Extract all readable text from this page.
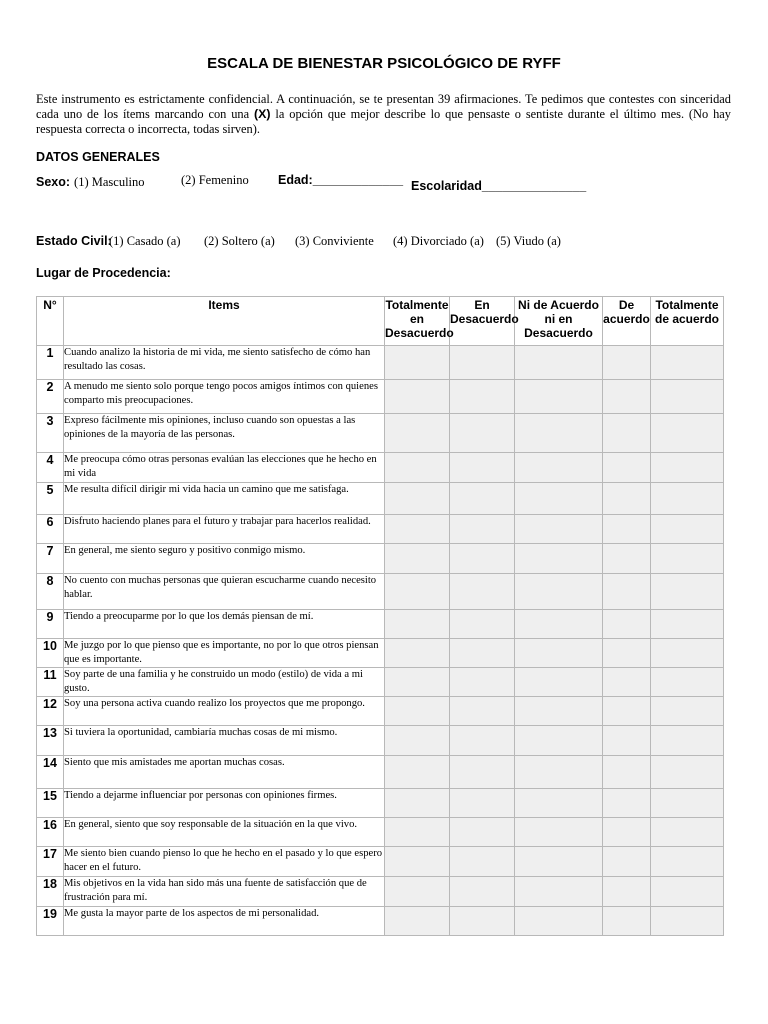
ESCALA DE BIENESTAR PSICOLÓGICO DE RYFF
Este instrumento es estrictamente confidencial. A continuación, se te presentan 39 afirmaciones. Te pedimos que contestes con sinceridad cada uno de los ítems marcando con una (X) la opción que mejor describe lo que pensaste o sentiste durante el último mes. (No hay respuesta correcta o incorrecta, todas sirven).
DATOS GENERALES
Sexo: (1) Masculino	(2) Femenino Edad:_____________ Escolaridad_______________
Estado Civil:
(1) Casado (a) (2) Soltero (a) (3) Conviviente (4) Divorciado (a) (5) Viudo (a)
Lugar de Procedencia:
N°	Items	Totalmente en Desacuerdo	En Desacuerdo	Ni de Acuerdo ni en Desacuerdo	De acuerdo	Totalmente de acuerdo
1	Cuando analizo la historia de mi vida, me siento satisfecho de cómo han resultado las cosas.					
2	A menudo me siento solo porque tengo pocos amigos íntimos con quienes comparto mis preocupaciones.					
3	Expreso fácilmente mis opiniones, incluso cuando son opuestas a las opiniones de la mayoría de las personas.					
4	Me preocupa cómo otras personas evalúan las elecciones que he hecho en mi vida					
5	Me resulta difícil dirigir mi vida hacia un camino que me satisfaga.					
6	Disfruto haciendo planes para el futuro y trabajar para hacerlos realidad.					
7	En general, me siento seguro y positivo conmigo mismo.					
8	No cuento con muchas personas que quieran escucharme cuando necesito hablar.					
9	Tiendo a preocuparme por lo que los demás piensan de mí.					
10	Me juzgo por lo que pienso que es importante, no por lo que otros piensan que es importante.					
11	Soy parte de una familia y he construido un modo (estilo) de vida a mi gusto.					
12	Soy una persona activa cuando realizo los proyectos que me propongo.					
13	Si tuviera la oportunidad, cambiaría muchas cosas de mi mismo.					
14	Siento que mis amistades me aportan muchas cosas.					
15	Tiendo a dejarme influenciar por personas con opiniones firmes.					
16	En general, siento que soy responsable de la situación en la que vivo.					
17	Me siento bien cuando pienso lo que he hecho en el pasado y lo que espero hacer en el futuro.					
18	Mis objetivos en la vida han sido más una fuente de satisfacción que de frustración para mí.					
19	Me gusta la mayor parte de los aspectos de mi personalidad.					
